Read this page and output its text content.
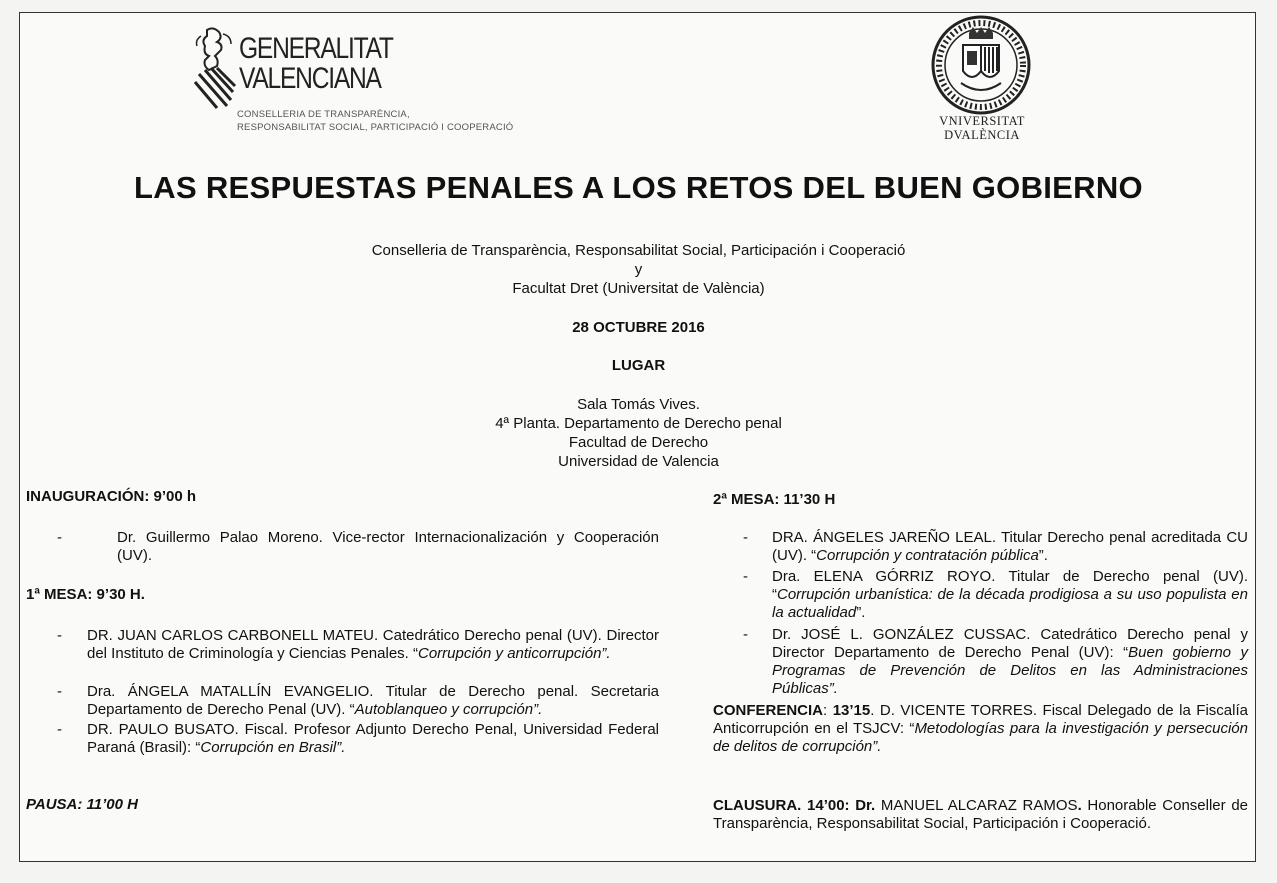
GENERALITAT
VALENCIANA
CONSELLERIA DE TRANSPARÈNCIA,
RESPONSABILITAT SOCIAL, PARTICIPACIÓ I COOPERACIÓ	VNIVERSITAT
DVALÈNCIA
LAS RESPUESTAS PENALES A LOS RETOS DEL BUEN GOBIERNO
Conselleria de Transparència, Responsabilitat Social, Participación i Cooperació
y
Facultat Dret (Universitat de València)
28 OCTUBRE 2016
LUGAR
Sala Tomás Vives.
4ª Planta. Departamento de Derecho penal
Facultad de Derecho
Universidad de Valencia
INAUGURACIÓN: 9’00 h
-	Dr. Guillermo Palao Moreno. Vice-rector Internacionalización y Cooperación (UV).
1ª MESA: 9’30 H.
- DR. JUAN CARLOS CARBONELL MATEU. Catedrático Derecho penal (UV). Director del Instituto de Criminología y Ciencias Penales. “Corrupción y anticorrupción”.
- Dra. ÁNGELA MATALLÍN EVANGELIO. Titular de Derecho penal. Secretaria Departamento de Derecho Penal (UV). “Autoblanqueo y corrupción”.
- DR. PAULO BUSATO. Fiscal. Profesor Adjunto Derecho Penal, Universidad Federal Paraná (Brasil): “Corrupción en Brasil”.
PAUSA: 11’00 H
2ª MESA: 11’30 H
- DRA. ÁNGELES JAREÑO LEAL. Titular Derecho penal acreditada CU (UV). “Corrupción y contratación pública”.
- Dra. ELENA GÓRRIZ ROYO. Titular de Derecho penal (UV). “Corrupción urbanística: de la década prodigiosa a su uso populista en la actualidad”.
- Dr. JOSÉ L. GONZÁLEZ CUSSAC. Catedrático Derecho penal y Director Departamento de Derecho Penal (UV): “Buen gobierno y Programas de Prevención de Delitos en las Administraciones Públicas”.
CONFERENCIA: 13’15. D. VICENTE TORRES. Fiscal Delegado de la Fiscalía Anticorrupción en el TSJCV: “Metodologías para la investigación y persecución de delitos de corrupción”.
CLAUSURA. 14’00: Dr. MANUEL ALCARAZ RAMOS. Honorable Conseller de Transparència, Responsabilitat Social, Participación i Cooperació.
